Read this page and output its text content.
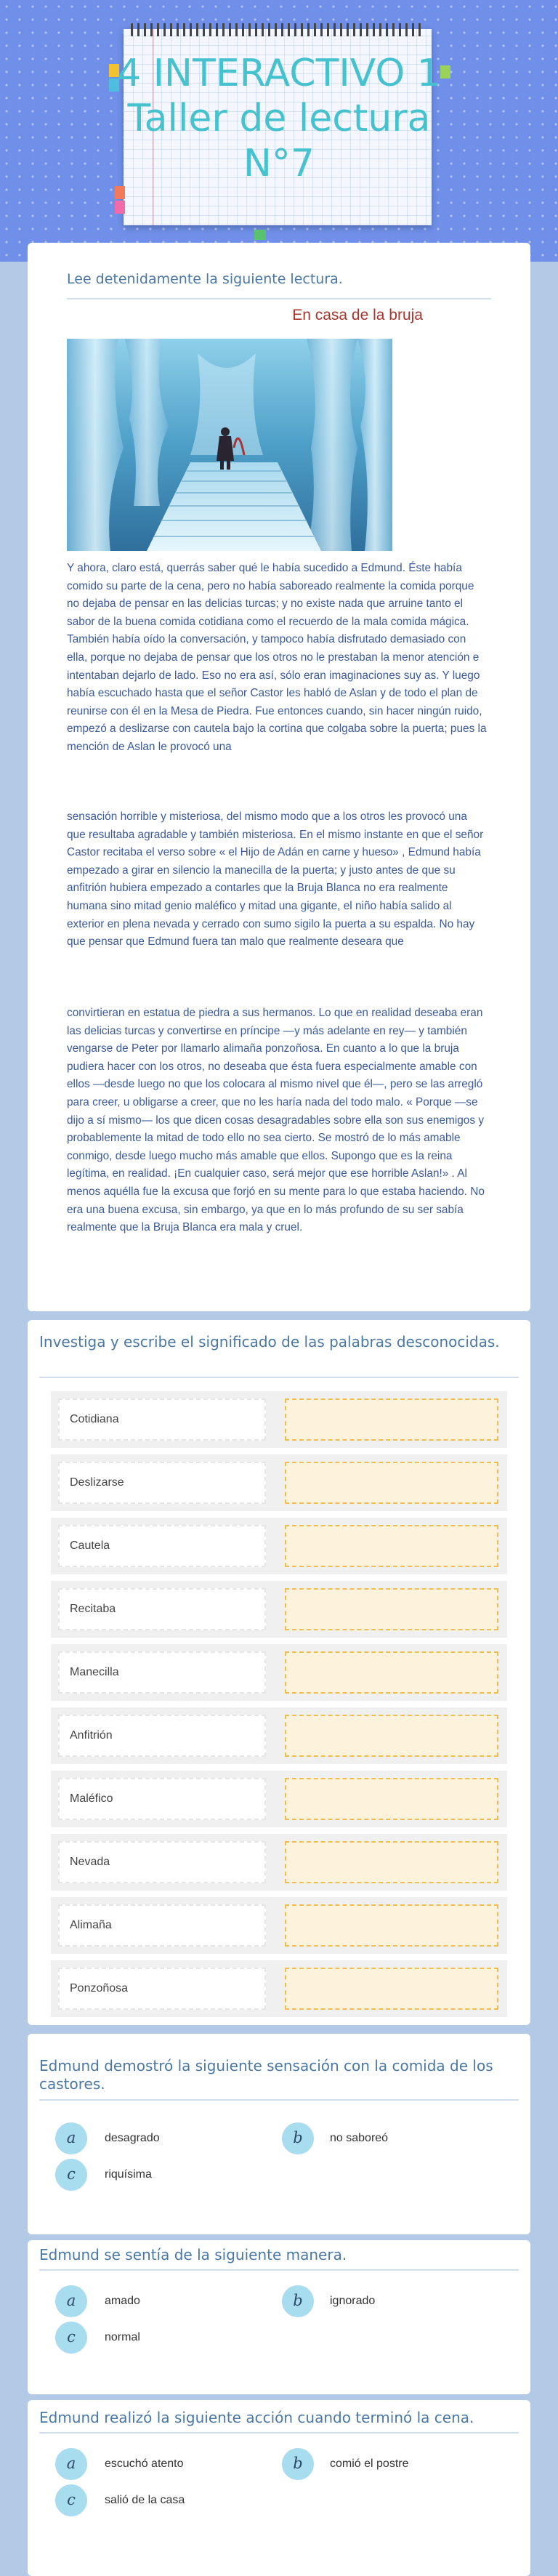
4 INTERACTIVO 1
Taller de lectura
N°7
Lee detenidamente la siguiente lectura.
En casa de la bruja

Y ahora, claro está, querrás saber qué le había sucedido a Edmund. Éste había comido su parte de la cena, pero no había saboreado realmente la comida porque no dejaba de pensar en las delicias turcas; y no existe nada que arruine tanto el sabor de la buena comida cotidiana como el recuerdo de la mala comida mágica. También había oído la conversación, y tampoco había disfrutado demasiado con ella, porque no dejaba de pensar que los otros no le prestaban la menor atención e intentaban dejarlo de lado. Eso no era así, sólo eran imaginaciones suy as. Y luego había escuchado hasta que el señor Castor les habló de Aslan y de todo el plan de reunirse con él en la Mesa de Piedra. Fue entonces cuando, sin hacer ningún ruido, empezó a deslizarse con cautela bajo la cortina que colgaba sobre la puerta; pues la mención de Aslan le provocó una

sensación horrible y misteriosa, del mismo modo que a los otros les provocó una que resultaba agradable y también misteriosa. En el mismo instante en que el señor Castor recitaba el verso sobre « el Hijo de Adán en carne y hueso» , Edmund había empezado a girar en silencio la manecilla de la puerta; y justo antes de que su anfitrión hubiera empezado a contarles que la Bruja Blanca no era realmente humana sino mitad genio maléfico y mitad una gigante, el niño había salido al exterior en plena nevada y cerrado con sumo sigilo la puerta a su espalda. No hay que pensar que Edmund fuera tan malo que realmente deseara que

convirtieran en estatua de piedra a sus hermanos. Lo que en realidad deseaba eran las delicias turcas y convertirse en príncipe —y más adelante en rey— y también vengarse de Peter por llamarlo alimaña ponzoñosa. En cuanto a lo que la bruja pudiera hacer con los otros, no deseaba que ésta fuera especialmente amable con ellos —desde luego no que los colocara al mismo nivel que él—, pero se las arregló para creer, u obligarse a creer, que no les haría nada del todo malo. « Porque —se dijo a sí mismo— los que dicen cosas desagradables sobre ella son sus enemigos y probablemente la mitad de todo ello no sea cierto. Se mostró de lo más amable conmigo, desde luego mucho más amable que ellos. Supongo que es la reina legítima, en realidad. ¡En cualquier caso, será mejor que ese horrible Aslan!» . Al menos aquélla fue la excusa que forjó en su mente para lo que estaba haciendo. No era una buena excusa, sin embargo, ya que en lo más profundo de su ser sabía realmente que la Bruja Blanca era mala y cruel.

Investiga y escribe el significado de las palabras desconocidas.
Cotidiana
Deslizarse
Cautela
Recitaba
Manecilla
Anfitrión
Maléfico
Nevada
Alimaña
Ponzoñosa
Edmund demostró la siguiente sensación con la comida de los castores.
a	desagrado	b	no saboreó
c	riquísima
Edmund se sentía de la siguiente manera.
a	amado	b	ignorado
c	normal
Edmund realizó la siguiente acción cuando terminó la cena.
a	escuchó atento	b	comió el postre
c	salió de la casa
